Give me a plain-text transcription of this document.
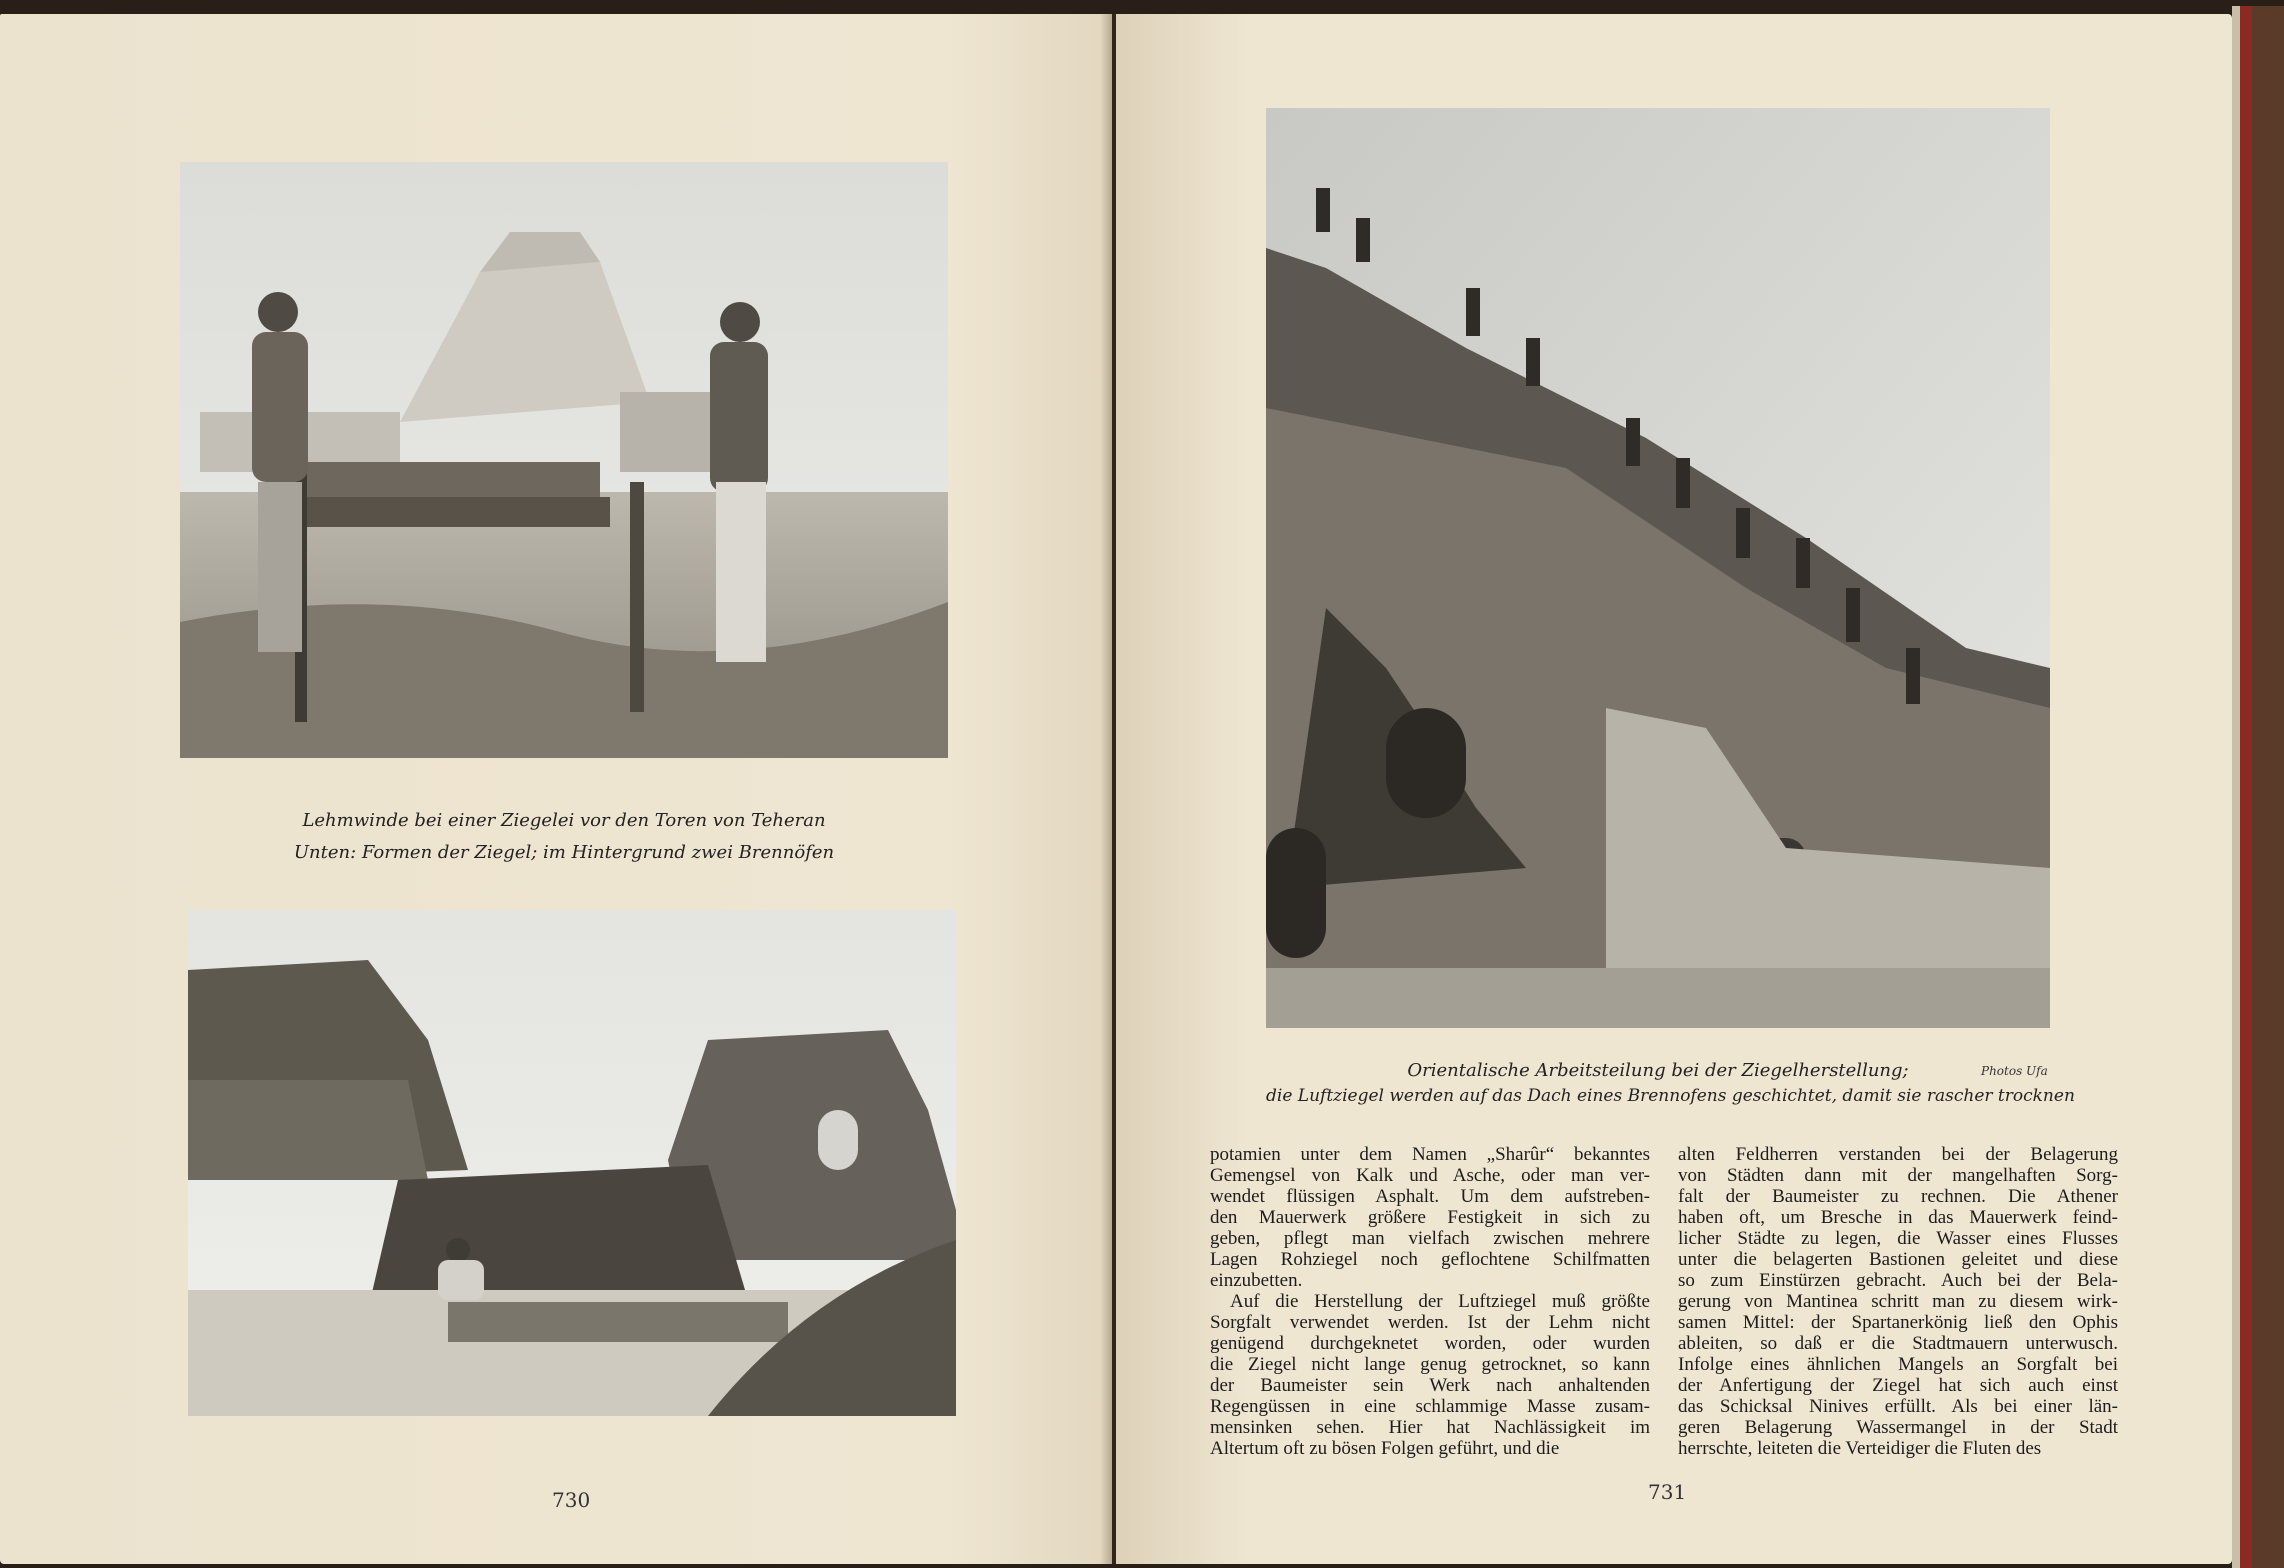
Lehmwinde bei einer Ziegelei vor den Toren von Teheran
Unten: Formen der Ziegel; im Hintergrund zwei Brennöfen
730
Orientalische Arbeitsteilung bei der Ziegelherstellung;	Photos Ufa
die Luftziegel werden auf das Dach eines Brennofens geschichtet, damit sie rascher trocknen
potamien unter dem Namen „Sharûr“ bekanntes
Gemengsel von Kalk und Asche, oder man ver-
wendet flüssigen Asphalt. Um dem aufstreben-
den Mauerwerk größere Festigkeit in sich zu
geben, pflegt man vielfach zwischen mehrere
Lagen Rohziegel noch geflochtene Schilfmatten
einzubetten.
Auf die Herstellung der Luftziegel muß größte
Sorgfalt verwendet werden. Ist der Lehm nicht
genügend durchgeknetet worden, oder wurden
die Ziegel nicht lange genug getrocknet, so kann
der Baumeister sein Werk nach anhaltenden
Regengüssen in eine schlammige Masse zusam-
mensinken sehen. Hier hat Nachlässigkeit im
Altertum oft zu bösen Folgen geführt, und die
alten Feldherren verstanden bei der Belagerung
von Städten dann mit der mangelhaften Sorg-
falt der Baumeister zu rechnen. Die Athener
haben oft, um Bresche in das Mauerwerk feind-
licher Städte zu legen, die Wasser eines Flusses
unter die belagerten Bastionen geleitet und diese
so zum Einstürzen gebracht. Auch bei der Bela-
gerung von Mantinea schritt man zu diesem wirk-
samen Mittel: der Spartanerkönig ließ den Ophis
ableiten, so daß er die Stadtmauern unterwusch.
Infolge eines ähnlichen Mangels an Sorgfalt bei
der Anfertigung der Ziegel hat sich auch einst
das Schicksal Ninives erfüllt. Als bei einer län-
geren Belagerung Wassermangel in der Stadt
herrschte, leiteten die Verteidiger die Fluten des
731
